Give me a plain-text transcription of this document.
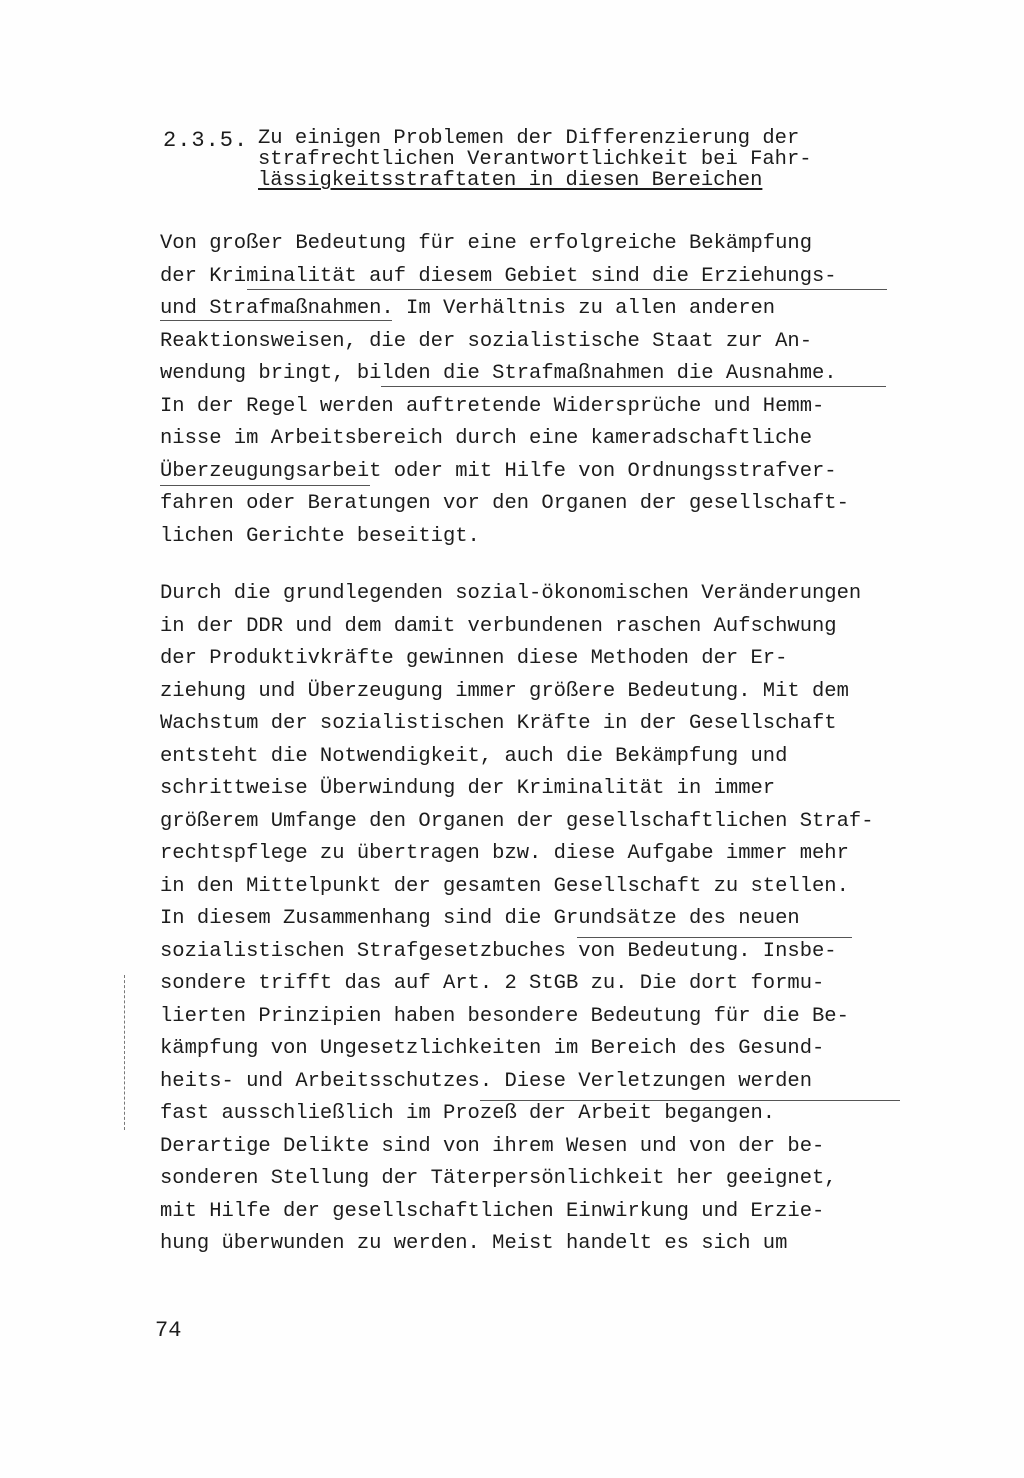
2.3.5. Zu einigen Problemen der Differenzierung der
strafrechtlichen Verantwortlichkeit bei Fahr-
lässigkeitsstraftaten in diesen Bereichen
Von großer Bedeutung für eine erfolgreiche Bekämpfung
der Kriminalität auf diesem Gebiet sind die Erziehungs-
und Strafmaßnahmen. Im Verhältnis zu allen anderen
Reaktionsweisen, die der sozialistische Staat zur An-
wendung bringt, bilden die Strafmaßnahmen die Ausnahme.
In der Regel werden auftretende Widersprüche und Hemm-
nisse im Arbeitsbereich durch eine kameradschaftliche
Überzeugungsarbeit oder mit Hilfe von Ordnungsstrafver-
fahren oder Beratungen vor den Organen der gesellschaft-
lichen Gerichte beseitigt.
Durch die grundlegenden sozial-ökonomischen Veränderungen
in der DDR und dem damit verbundenen raschen Aufschwung
der Produktivkräfte gewinnen diese Methoden der Er-
ziehung und Überzeugung immer größere Bedeutung. Mit dem
Wachstum der sozialistischen Kräfte in der Gesellschaft
entsteht die Notwendigkeit, auch die Bekämpfung und
schrittweise Überwindung der Kriminalität in immer
größerem Umfange den Organen der gesellschaftlichen Straf-
rechtspflege zu übertragen bzw. diese Aufgabe immer mehr
in den Mittelpunkt der gesamten Gesellschaft zu stellen.
In diesem Zusammenhang sind die Grundsätze des neuen
sozialistischen Strafgesetzbuches von Bedeutung. Insbe-
sondere trifft das auf Art. 2 StGB zu. Die dort formu-
lierten Prinzipien haben besondere Bedeutung für die Be-
kämpfung von Ungesetzlichkeiten im Bereich des Gesund-
heits- und Arbeitsschutzes. Diese Verletzungen werden
fast ausschließlich im Prozeß der Arbeit begangen.
Derartige Delikte sind von ihrem Wesen und von der be-
sonderen Stellung der Täterpersönlichkeit her geeignet,
mit Hilfe der gesellschaftlichen Einwirkung und Erzie-
hung überwunden zu werden. Meist handelt es sich um
74
